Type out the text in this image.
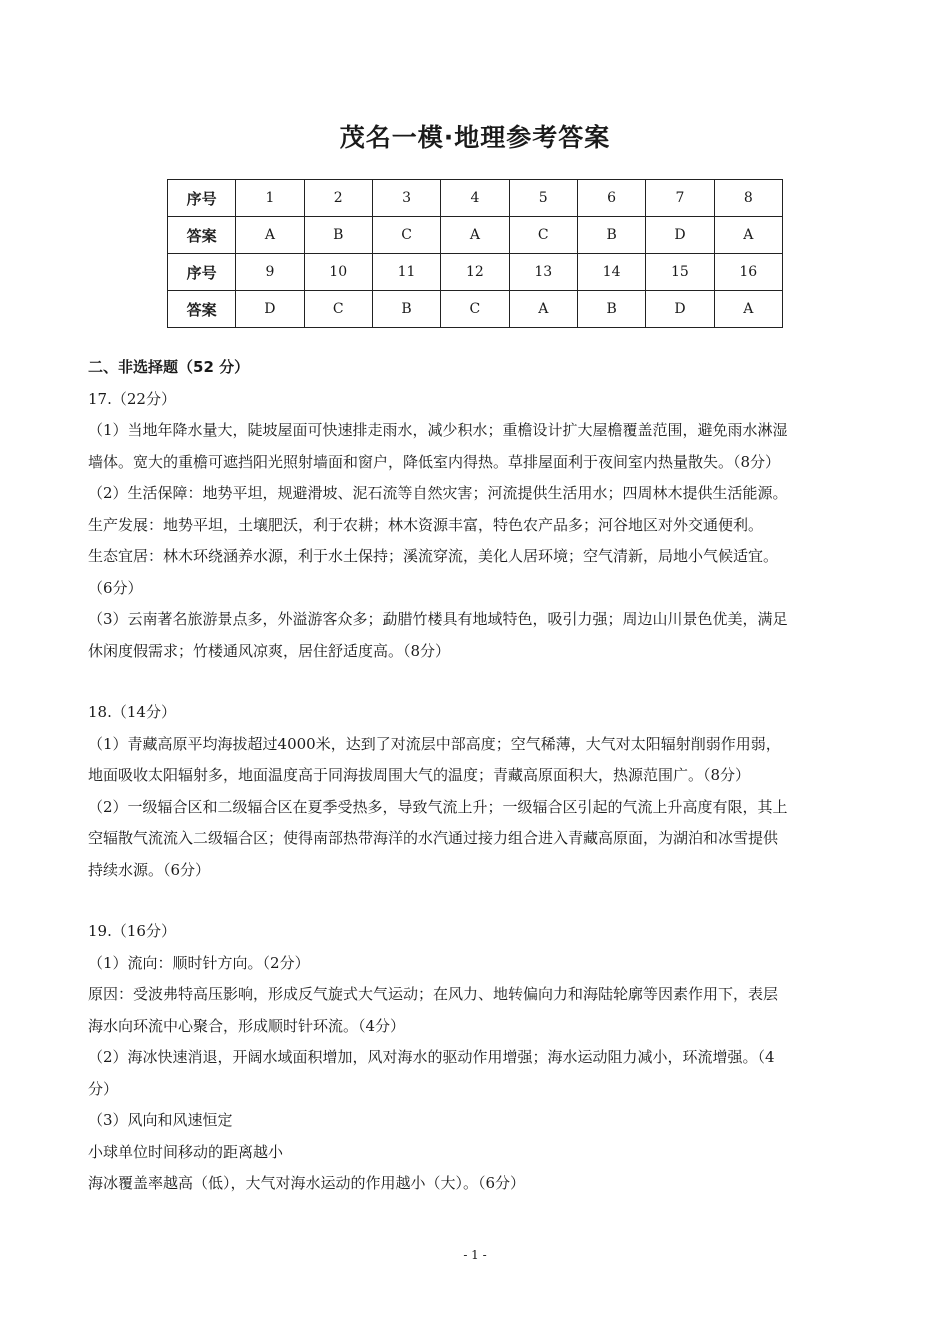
茂名一模·地理参考答案
序号	1	2	3	4	5	6	7	8
答案	A	B	C	A	C	B	D	A
序号	9	10	11	12	13	14	15	16
答案	D	C	B	C	A	B	D	A
二、非选择题（52 分）
17.（22分）
（1）当地年降水量大，陡坡屋面可快速排走雨水，减少积水；重檐设计扩大屋檐覆盖范围，避免雨水淋湿
墙体。宽大的重檐可遮挡阳光照射墙面和窗户，降低室内得热。草排屋面利于夜间室内热量散失。（8分）
（2）生活保障：地势平坦，规避滑坡、泥石流等自然灾害；河流提供生活用水；四周林木提供生活能源。
生产发展：地势平坦，土壤肥沃，利于农耕；林木资源丰富，特色农产品多；河谷地区对外交通便利。
生态宜居：林木环绕涵养水源，利于水土保持；溪流穿流，美化人居环境；空气清新，局地小气候适宜。
（6分）
（3）云南著名旅游景点多，外溢游客众多；勐腊竹楼具有地域特色，吸引力强；周边山川景色优美，满足
休闲度假需求；竹楼通风凉爽，居住舒适度高。（8分）
18.（14分）
（1）青藏高原平均海拔超过4000米，达到了对流层中部高度；空气稀薄，大气对太阳辐射削弱作用弱，
地面吸收太阳辐射多，地面温度高于同海拔周围大气的温度；青藏高原面积大，热源范围广。（8分）
（2）一级辐合区和二级辐合区在夏季受热多，导致气流上升；一级辐合区引起的气流上升高度有限，其上
空辐散气流流入二级辐合区；使得南部热带海洋的水汽通过接力组合进入青藏高原面，为湖泊和冰雪提供
持续水源。（6分）
19.（16分）
（1）流向：顺时针方向。（2分）
原因：受波弗特高压影响，形成反气旋式大气运动；在风力、地转偏向力和海陆轮廓等因素作用下，表层
海水向环流中心聚合，形成顺时针环流。（4分）
（2）海冰快速消退，开阔水域面积增加，风对海水的驱动作用增强；海水运动阻力减小，环流增强。（4
分）
（3）风向和风速恒定
小球单位时间移动的距离越小
海冰覆盖率越高（低），大气对海水运动的作用越小（大）。（6分）
- 1 -
